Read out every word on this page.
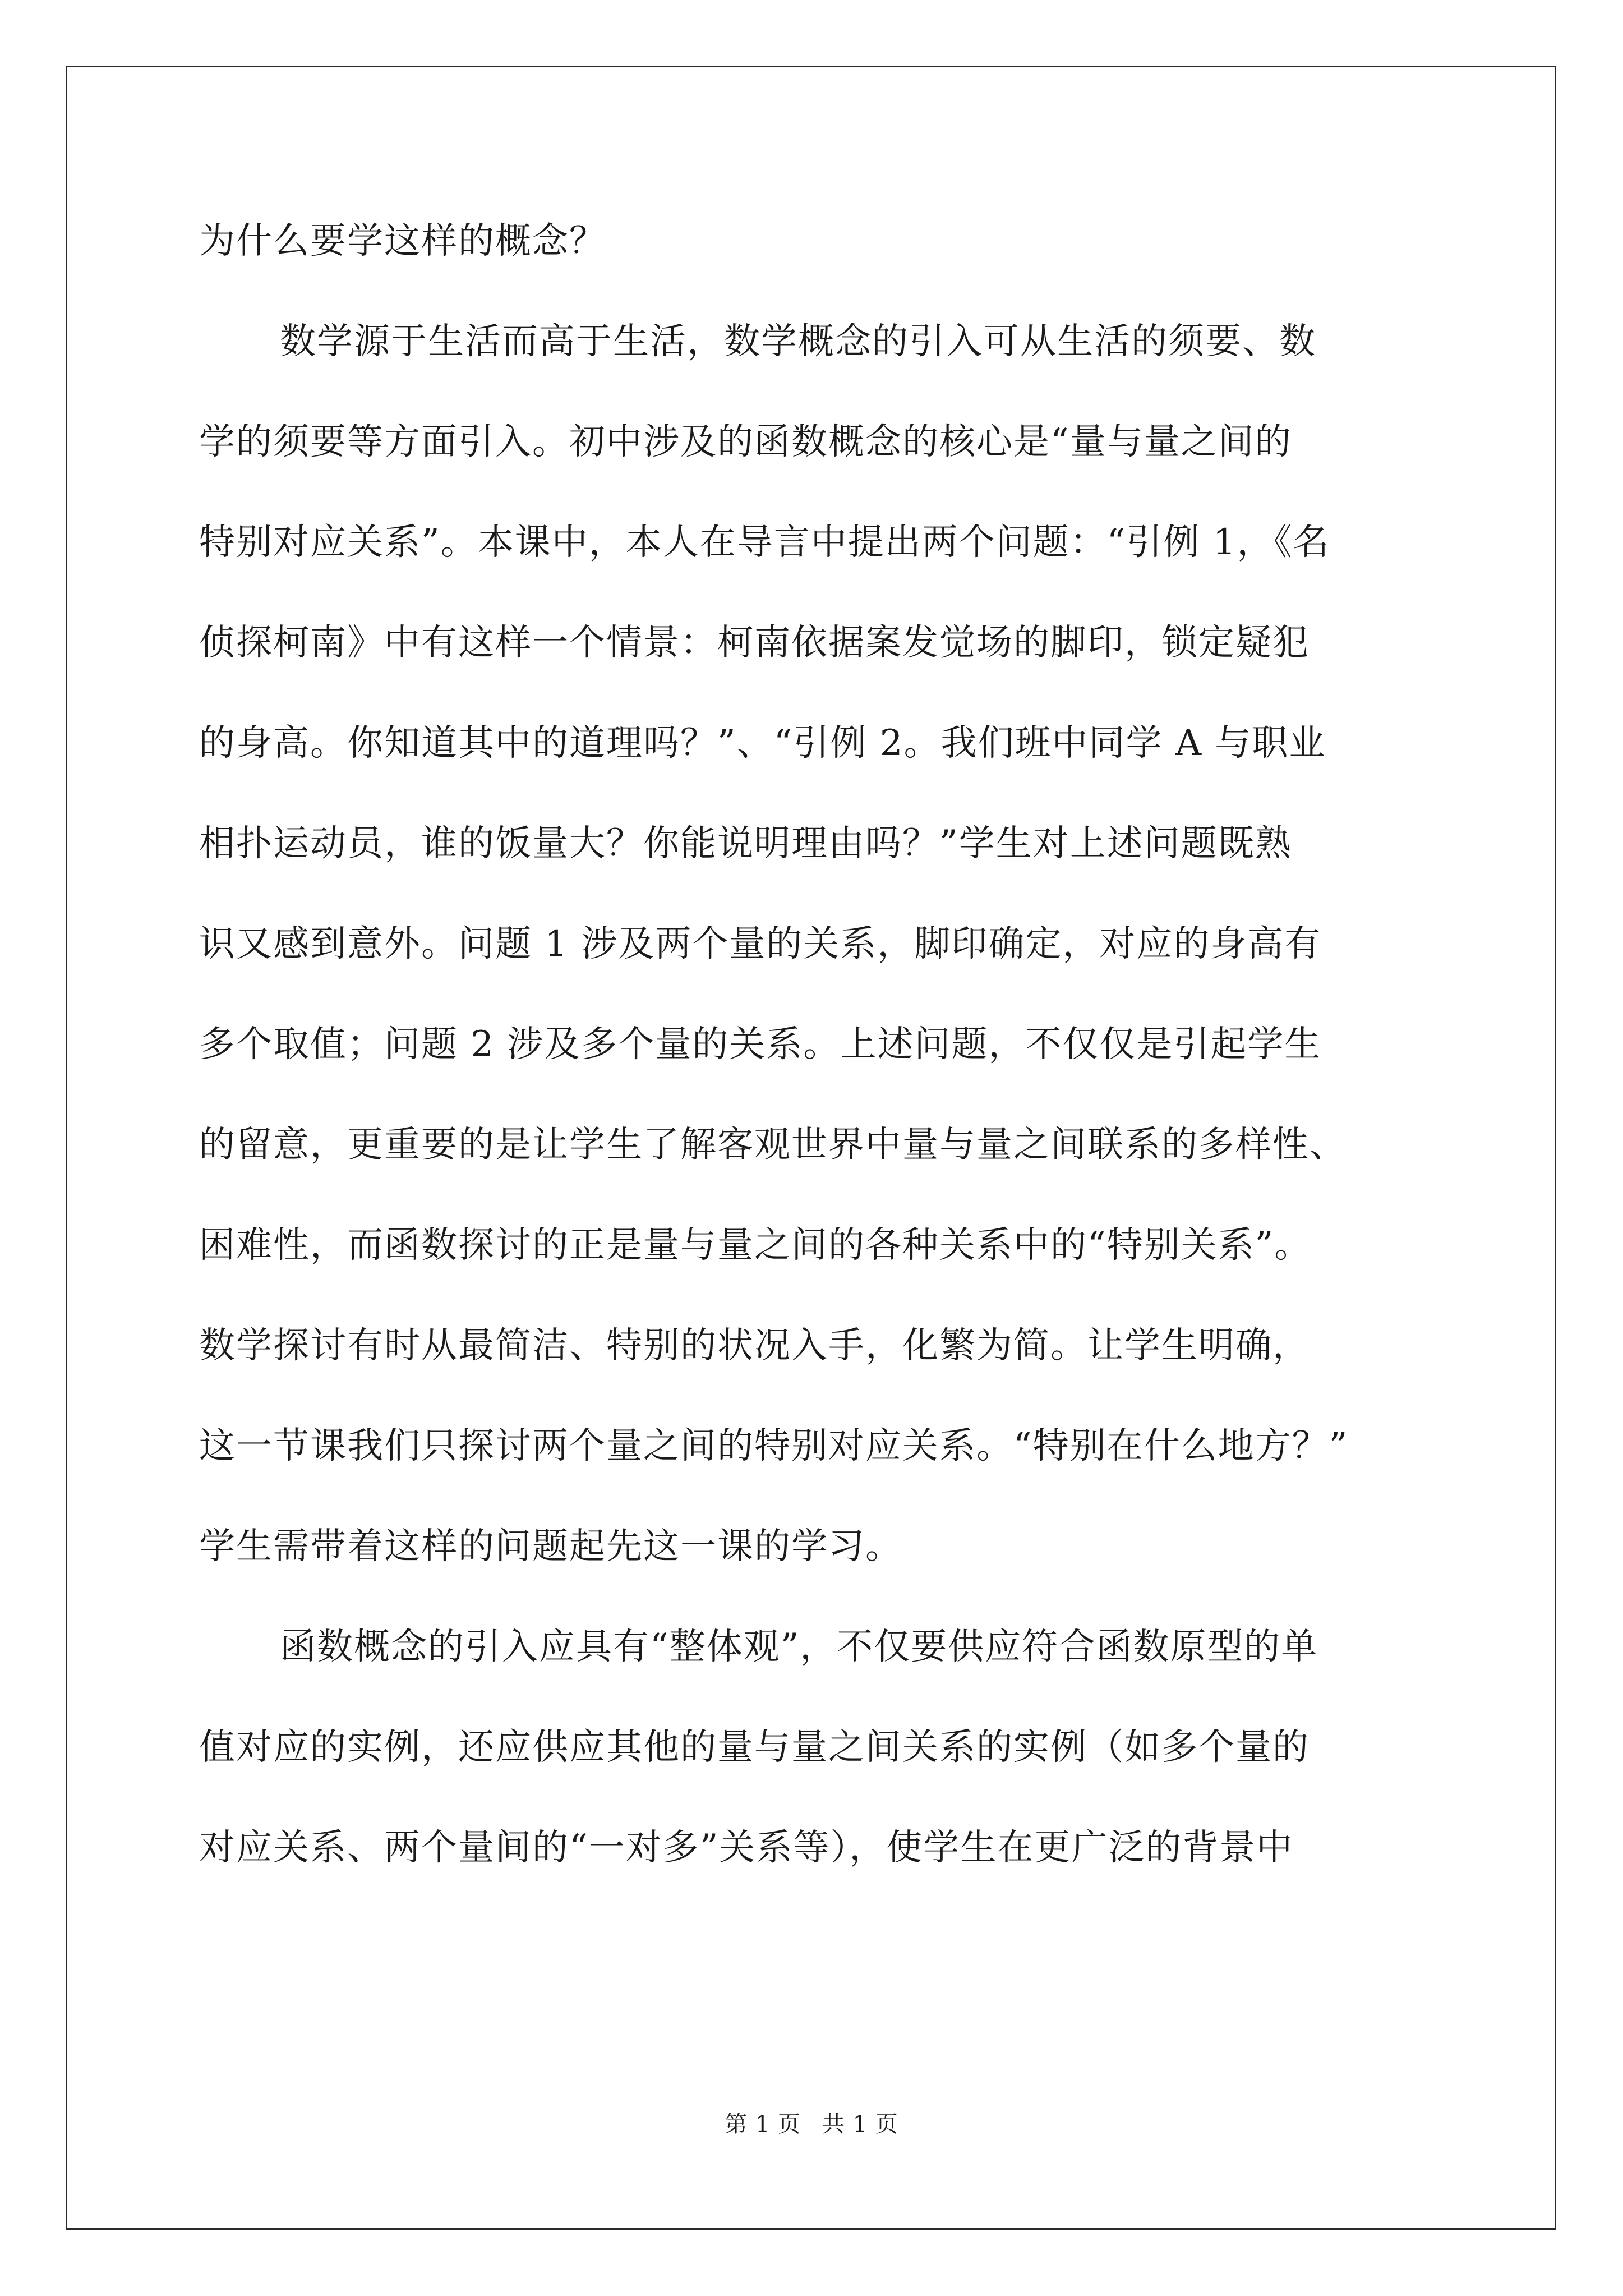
为什么要学这样的概念？
数学源于生活而高于生活，数学概念的引入可从生活的须要、数
学的须要等方面引入。初中涉及的函数概念的核心是“量与量之间的
特别对应关系”。本课中，本人在导言中提出两个问题：“引例 1，《名
侦探柯南》中有这样一个情景：柯南依据案发觉场的脚印，锁定疑犯
的身高。你知道其中的道理吗？”、“引例 2。我们班中同学 A 与职业
相扑运动员，谁的饭量大？你能说明理由吗？”学生对上述问题既熟
识又感到意外。问题 1 涉及两个量的关系，脚印确定，对应的身高有
多个取值；问题 2 涉及多个量的关系。上述问题，不仅仅是引起学生
的留意，更重要的是让学生了解客观世界中量与量之间联系的多样性、
困难性，而函数探讨的正是量与量之间的各种关系中的“特别关系”。
数学探讨有时从最简洁、特别的状况入手，化繁为简。让学生明确，
这一节课我们只探讨两个量之间的特别对应关系。“特别在什么地方？”
学生需带着这样的问题起先这一课的学习。
函数概念的引入应具有“整体观”，不仅要供应符合函数原型的单
值对应的实例，还应供应其他的量与量之间关系的实例（如多个量的
对应关系、两个量间的“一对多”关系等），使学生在更广泛的背景中
第 1 页 共 1 页
